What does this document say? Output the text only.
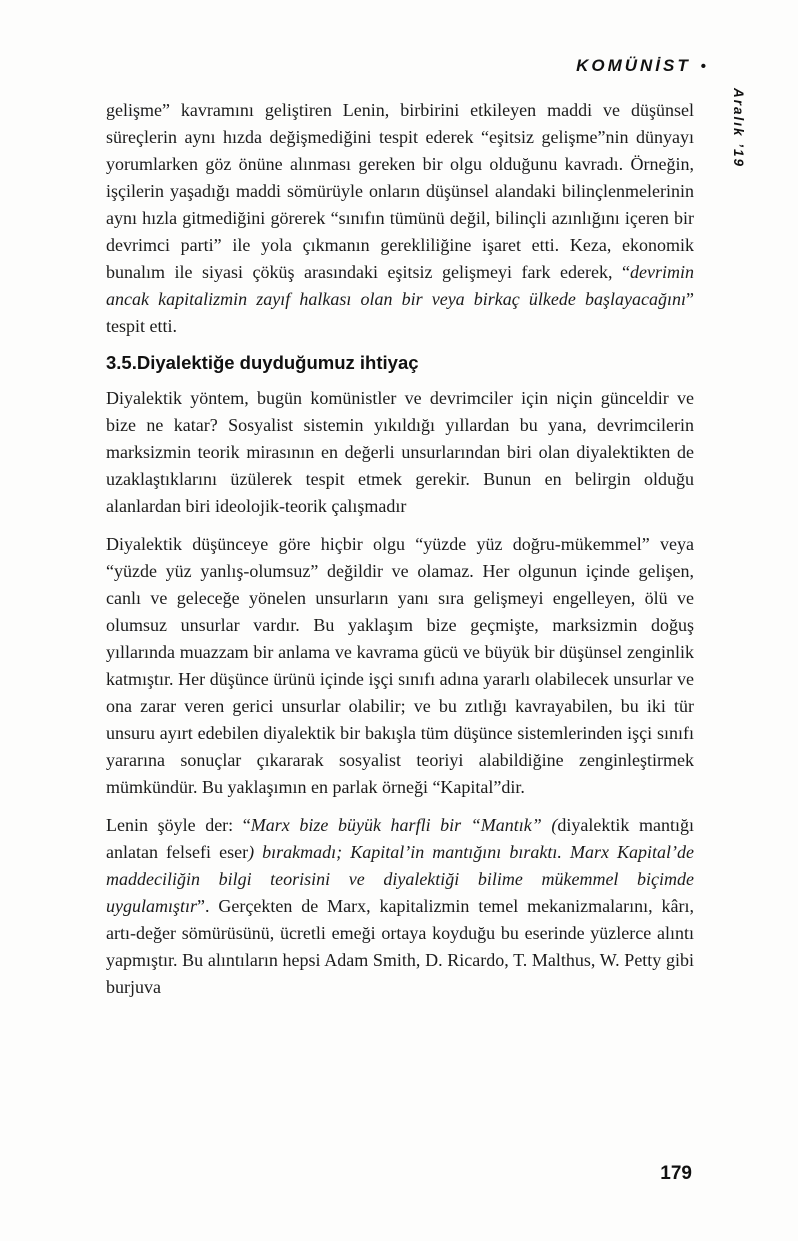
KOMÜNİST •
Aralık ’19

gelişme” kavramını geliştiren Lenin, birbirini etkileyen maddi ve düşünsel süreçlerin aynı hızda değişmediğini tespit ederek “eşitsiz gelişme”nin dünyayı yorumlarken göz önüne alınması gereken bir olgu olduğunu kavradı. Örneğin, işçilerin yaşadığı maddi sömürüyle onların düşünsel alandaki bilinçlenmelerinin aynı hızla gitmediğini görerek “sınıfın tümünü değil, bilinçli azınlığını içeren bir devrimci parti” ile yola çıkmanın gerekliliğine işaret etti. Keza, ekonomik bunalım ile siyasi çöküş arasındaki eşitsiz gelişmeyi fark ederek, “devrimin ancak kapitalizmin zayıf halkası olan bir veya birkaç ülkede başlayacağını” tespit etti.

3.5.Diyalektiğe duyduğumuz ihtiyaç

Diyalektik yöntem, bugün komünistler ve devrimciler için niçin günceldir ve bize ne katar? Sosyalist sistemin yıkıldığı yıllardan bu yana, devrimcilerin marksizmin teorik mirasının en değerli unsurlarından biri olan diyalektikten de uzaklaştıklarını üzülerek tespit etmek gerekir. Bunun en belirgin olduğu alanlardan biri ideolojik-teorik çalışmadır

Diyalektik düşünceye göre hiçbir olgu “yüzde yüz doğru-mükemmel” veya “yüzde yüz yanlış-olumsuz” değildir ve olamaz. Her olgunun içinde gelişen, canlı ve geleceğe yönelen unsurların yanı sıra gelişmeyi engelleyen, ölü ve olumsuz unsurlar vardır. Bu yaklaşım bize geçmişte, marksizmin doğuş yıllarında muazzam bir anlama ve kavrama gücü ve büyük bir düşünsel zenginlik katmıştır. Her düşünce ürünü içinde işçi sınıfı adına yararlı olabilecek unsurlar ve ona zarar veren gerici unsurlar olabilir; ve bu zıtlığı kavrayabilen, bu iki tür unsuru ayırt edebilen diyalektik bir bakışla tüm düşünce sistemlerinden işçi sınıfı yararına sonuçlar çıkararak sosyalist teoriyi alabildiğine zenginleştirmek mümkündür. Bu yaklaşımın en parlak örneği “Kapital”dir.

Lenin şöyle der: “Marx bize büyük harfli bir “Mantık” (diyalektik mantığı anlatan felsefi eser) bırakmadı; Kapital’in mantığını bıraktı. Marx Kapital’de maddeciliğin bilgi teorisini ve diyalektiği bilime mükemmel biçimde uygulamıştır”. Gerçekten de Marx, kapitalizmin temel mekanizmalarını, kârı, artı-değer sömürüsünü, ücretli emeği ortaya koyduğu bu eserinde yüzlerce alıntı yapmıştır. Bu alıntıların hepsi Adam Smith, D. Ricardo, T. Malthus, W. Petty gibi burjuva

179
